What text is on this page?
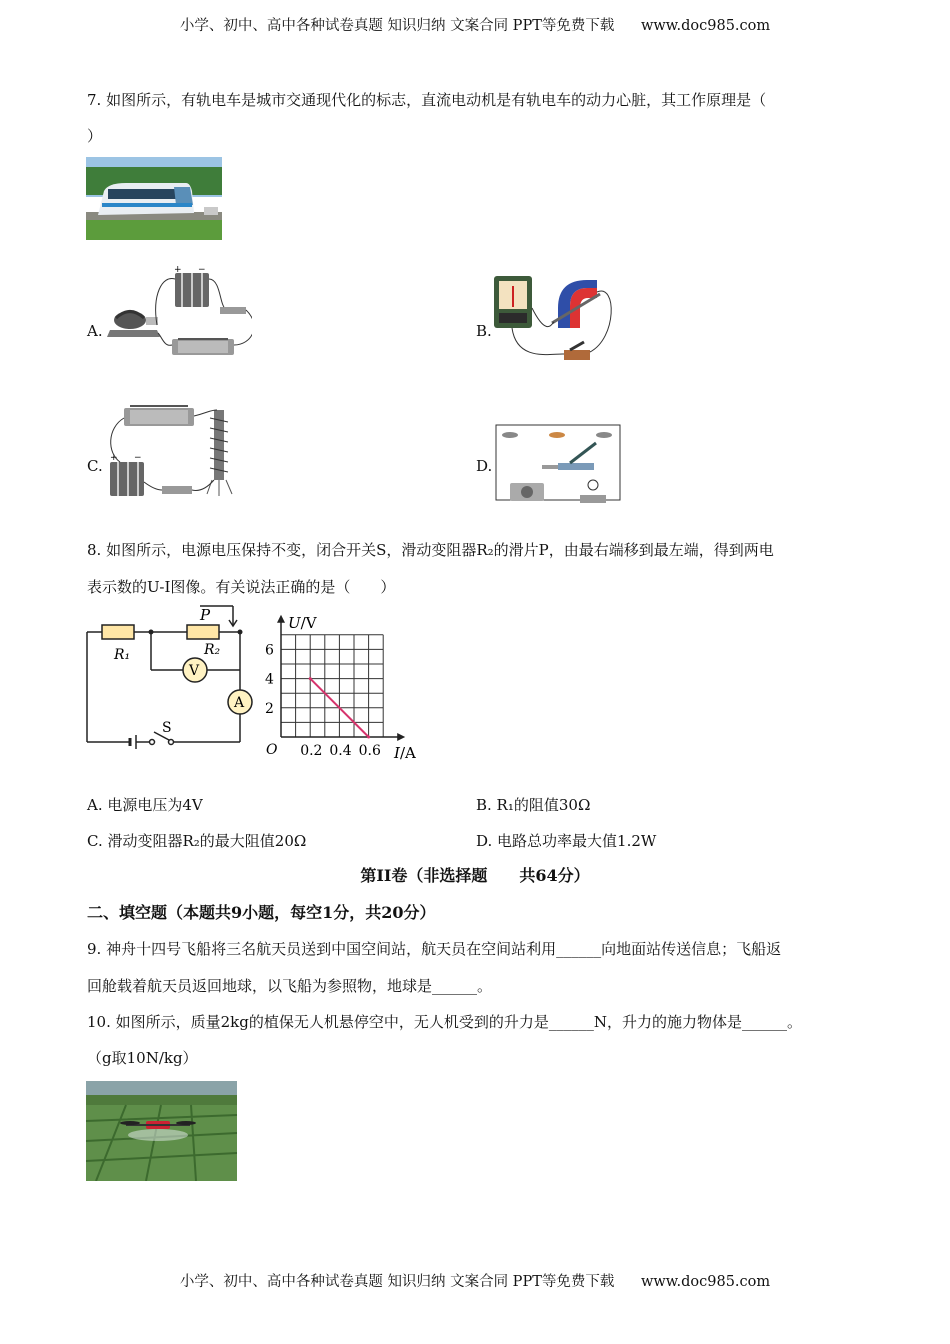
小学、初中、高中各种试卷真题 知识归纳 文案合同 PPT等免费下载 www.doc985.com
7. 如图所示，有轨电车是城市交通现代化的标志，直流电动机是有轨电车的动力心脏，其工作原理是（
）
A.
+ −
B.
C. + −	D.
8. 如图所示，电源电压保持不变，闭合开关S，滑动变阻器R₂的滑片P，由最右端移到最左端，得到两电
表示数的U-I图像。有关说法正确的是（　　）
P
R₁	R₂
V
A
S
0.2 0.4 0.6
2
4
6
U/V
I/A
O
A. 电源电压为4V	B. R₁的阻值30Ω
C. 滑动变阻器R₂的最大阻值20Ω	D. 电路总功率最大值1.2W
第II卷（非选择题　　共64分）
二、填空题（本题共9小题，每空1分，共20分）
9. 神舟十四号飞船将三名航天员送到中国空间站，航天员在空间站利用______向地面站传送信息；飞船返
回舱载着航天员返回地球，以飞船为参照物，地球是______。
10. 如图所示，质量2kg的植保无人机悬停空中，无人机受到的升力是______N，升力的施力物体是______。
（g取10N/kg）
小学、初中、高中各种试卷真题 知识归纳 文案合同 PPT等免费下载 www.doc985.com
